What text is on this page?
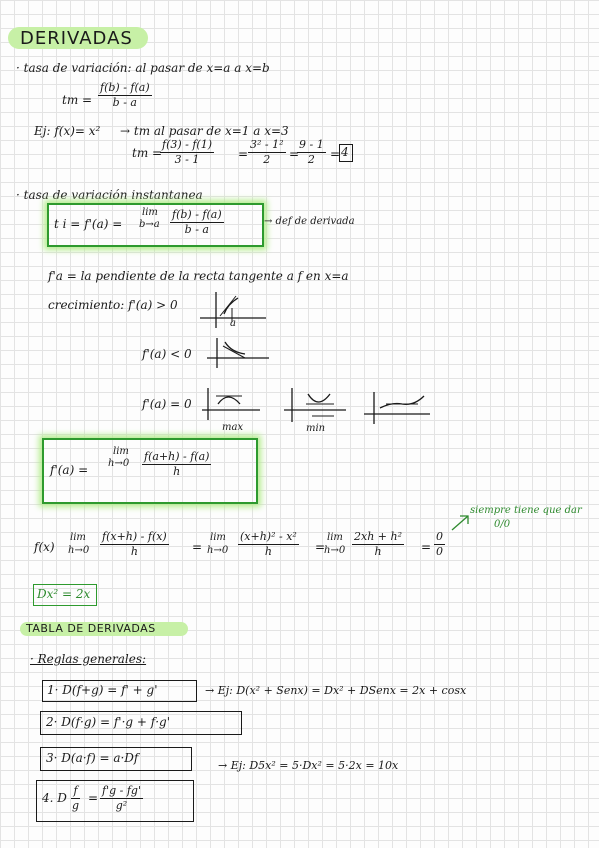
DERIVADAS
· tasa de variación: al pasar de x=a a x=b
tm = $\frac{f(b) - f(a)}{b - a}$
Ej: f(x)= x² → tm al pasar de x=1 a x=3
tm =
$\frac{f(3) - f(1)}{3 - 1} = \frac{\text{3² - 1²}}{2}$ =
$\frac{9 - 1}{2} = 4$
· tasa de variación instantanea
t i = f'(a) =
lim
$b\to a \frac{f(b) - f(a)}{b - a}$	→ def de derivada
f'a = la pendiente de la recta tangente a f en x=a
crecimiento: f'(a) > 0
a
f'(a) < 0
f'(a) = 0
max	min
f'(a) =
lim
$h\to 0 \frac{f(a+h) - f(a)}{h}$
f(x)
lim
$h\to 0 \frac{f(x+h) - f(x)}{h}$ =
lim
$h\to 0 \frac{\text{(x+h)² - x²}}{h}$ =
lim
$h\to 0 \frac{\text{2xh + h²}}{h} = \frac{0}{0}$
siempre tiene que dar
0/0
Dx² = 2x
TABLA DE DERIVADAS
· Reglas generales:
1· D(f+g) = f' + g'	→ Ej: D(x² + Senx) = Dx² + DSenx = 2x + cosx
2· D(f·g) = f'·g + f·g'
3· D(a·f) = a·Df
→ Ej: D5x² = 5·Dx² = 5·2x = 10x
4. D $\frac{f}{g} = \frac{f'g - fg'}{\text{g²}}$
